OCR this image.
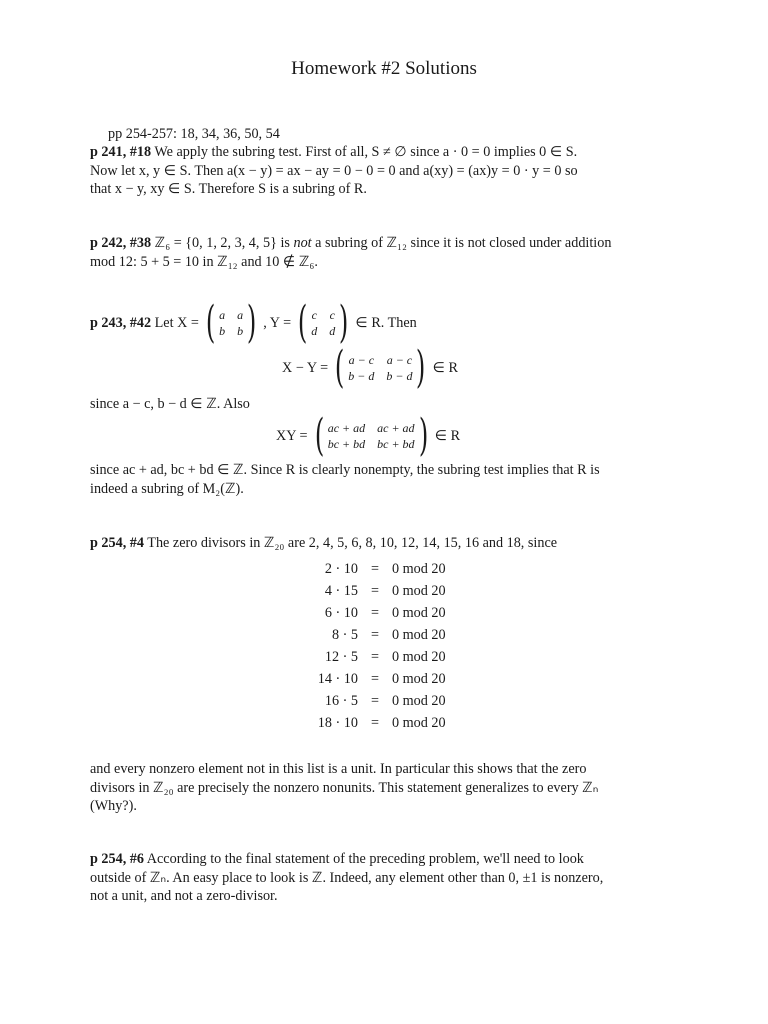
Homework #2 Solutions
pp 254-257: 18, 34, 36, 50, 54
p 241, #18 We apply the subring test. First of all, S ≠ ∅ since a · 0 = 0 implies 0 ∈ S.
Now let x, y ∈ S. Then a(x − y) = ax − ay = 0 − 0 = 0 and a(xy) = (ax)y = 0 · y = 0 so
that x − y, xy ∈ S. Therefore S is a subring of R.
p 242, #38 ℤ₆ = {0, 1, 2, 3, 4, 5} is not a subring of ℤ₁₂ since it is not closed under addition
mod 12: 5 + 5 = 10 in ℤ₁₂ and 10 ∉ ℤ₆.
p 243, #42
Let X = ( a a
b b ) , Y = ( c c
d d ) ∈ R. Then
X − Y = ( a − c a − c
b − d b − d ) ∈ R
since a − c, b − d ∈ ℤ. Also
XY = ( ac + ad ac + ad
bc + bd bc + bd ) ∈ R
since ac + ad, bc + bd ∈ ℤ. Since R is clearly nonempty, the subring test implies that R is
indeed a subring of M₂(ℤ).
p 254, #4 The zero divisors in ℤ₂₀ are 2, 4, 5, 6, 8, 10, 12, 14, 15, 16 and 18, since
2 · 10 = 0 mod 20
4 · 15 = 0 mod 20
6 · 10 = 0 mod 20
8 · 5 = 0 mod 20
12 · 5 = 0 mod 20
14 · 10 = 0 mod 20
16 · 5 = 0 mod 20
18 · 10 = 0 mod 20
and every nonzero element not in this list is a unit. In particular this shows that the zero
divisors in ℤ₂₀ are precisely the nonzero nonunits. This statement generalizes to every ℤₙ
(Why?).
p 254, #6 According to the final statement of the preceding problem, we'll need to look
outside of ℤₙ. An easy place to look is ℤ. Indeed, any element other than 0, ±1 is nonzero,
not a unit, and not a zero-divisor.
